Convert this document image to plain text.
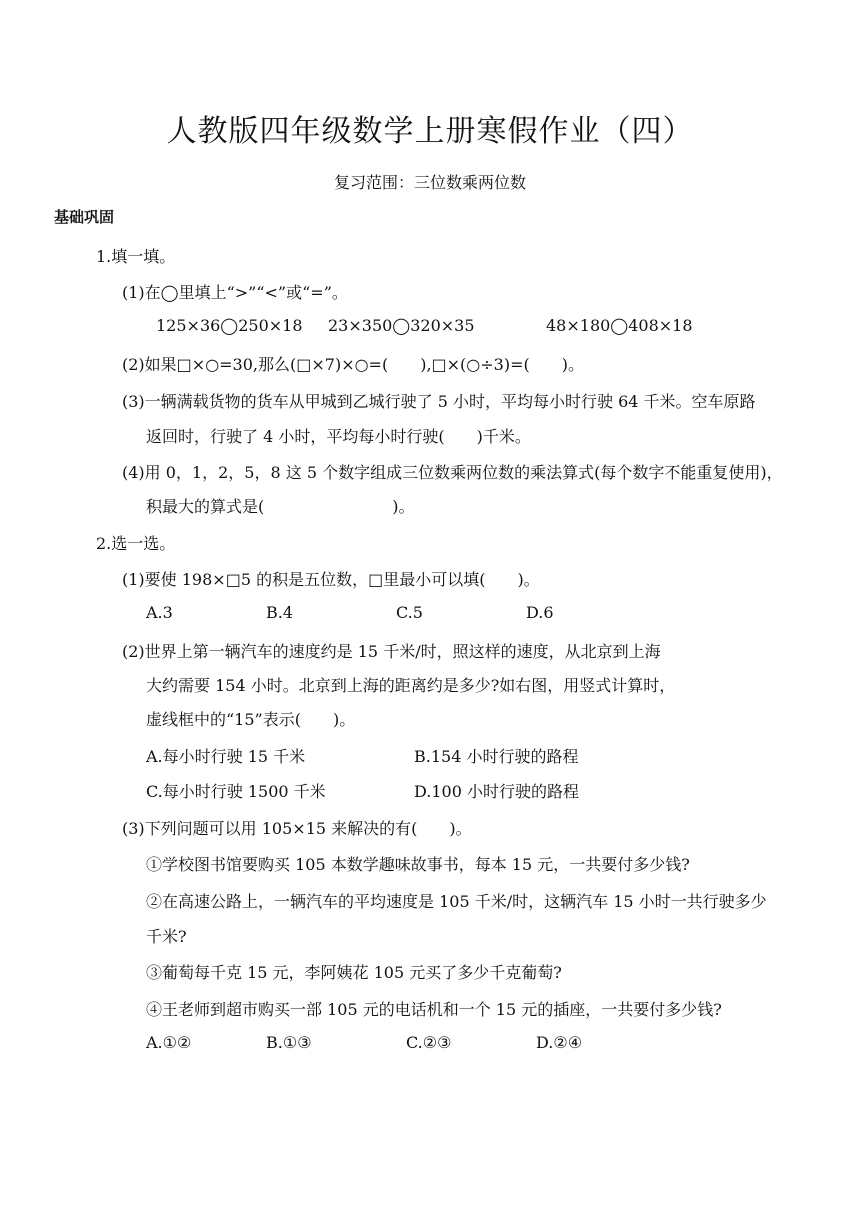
人教版四年级数学上册寒假作业（四）
复习范围：三位数乘两位数
基础巩固
1.填一填。
(1)在◯里填上“>”“<”或“=”。
125×36◯250×18 23×350◯320×35	48×180◯408×18
(2)如果□×○=30,那么(□×7)×○=(　　),□×(○÷3)=(　　)。
(3)一辆满载货物的货车从甲城到乙城行驶了 5 小时，平均每小时行驶 64 千米。空车原路
返回时，行驶了 4 小时，平均每小时行驶(　　)千米。
(4)用 0，1，2，5，8 这 5 个数字组成三位数乘两位数的乘法算式(每个数字不能重复使用)，
积最大的算式是(　　　　　　　　)。
2.选一选。
(1)要使 198×□5 的积是五位数，□里最小可以填(　　)。
A.3	B.4	C.5	D.6
(2)世界上第一辆汽车的速度约是 15 千米/时，照这样的速度，从北京到上海
大约需要 154 小时。北京到上海的距离约是多少?如右图，用竖式计算时，
虚线框中的“15”表示(　　)。
A.每小时行驶 15 千米	B.154 小时行驶的路程
C.每小时行驶 1500 千米	D.100 小时行驶的路程
(3)下列问题可以用 105×15 来解决的有(　　)。
①学校图书馆要购买 105 本数学趣味故事书，每本 15 元，一共要付多少钱?
②在高速公路上，一辆汽车的平均速度是 105 千米/时，这辆汽车 15 小时一共行驶多少
千米?
③葡萄每千克 15 元，李阿姨花 105 元买了多少千克葡萄?
④王老师到超市购买一部 105 元的电话机和一个 15 元的插座，一共要付多少钱?
A.①②	B.①③	C.②③	D.②④
